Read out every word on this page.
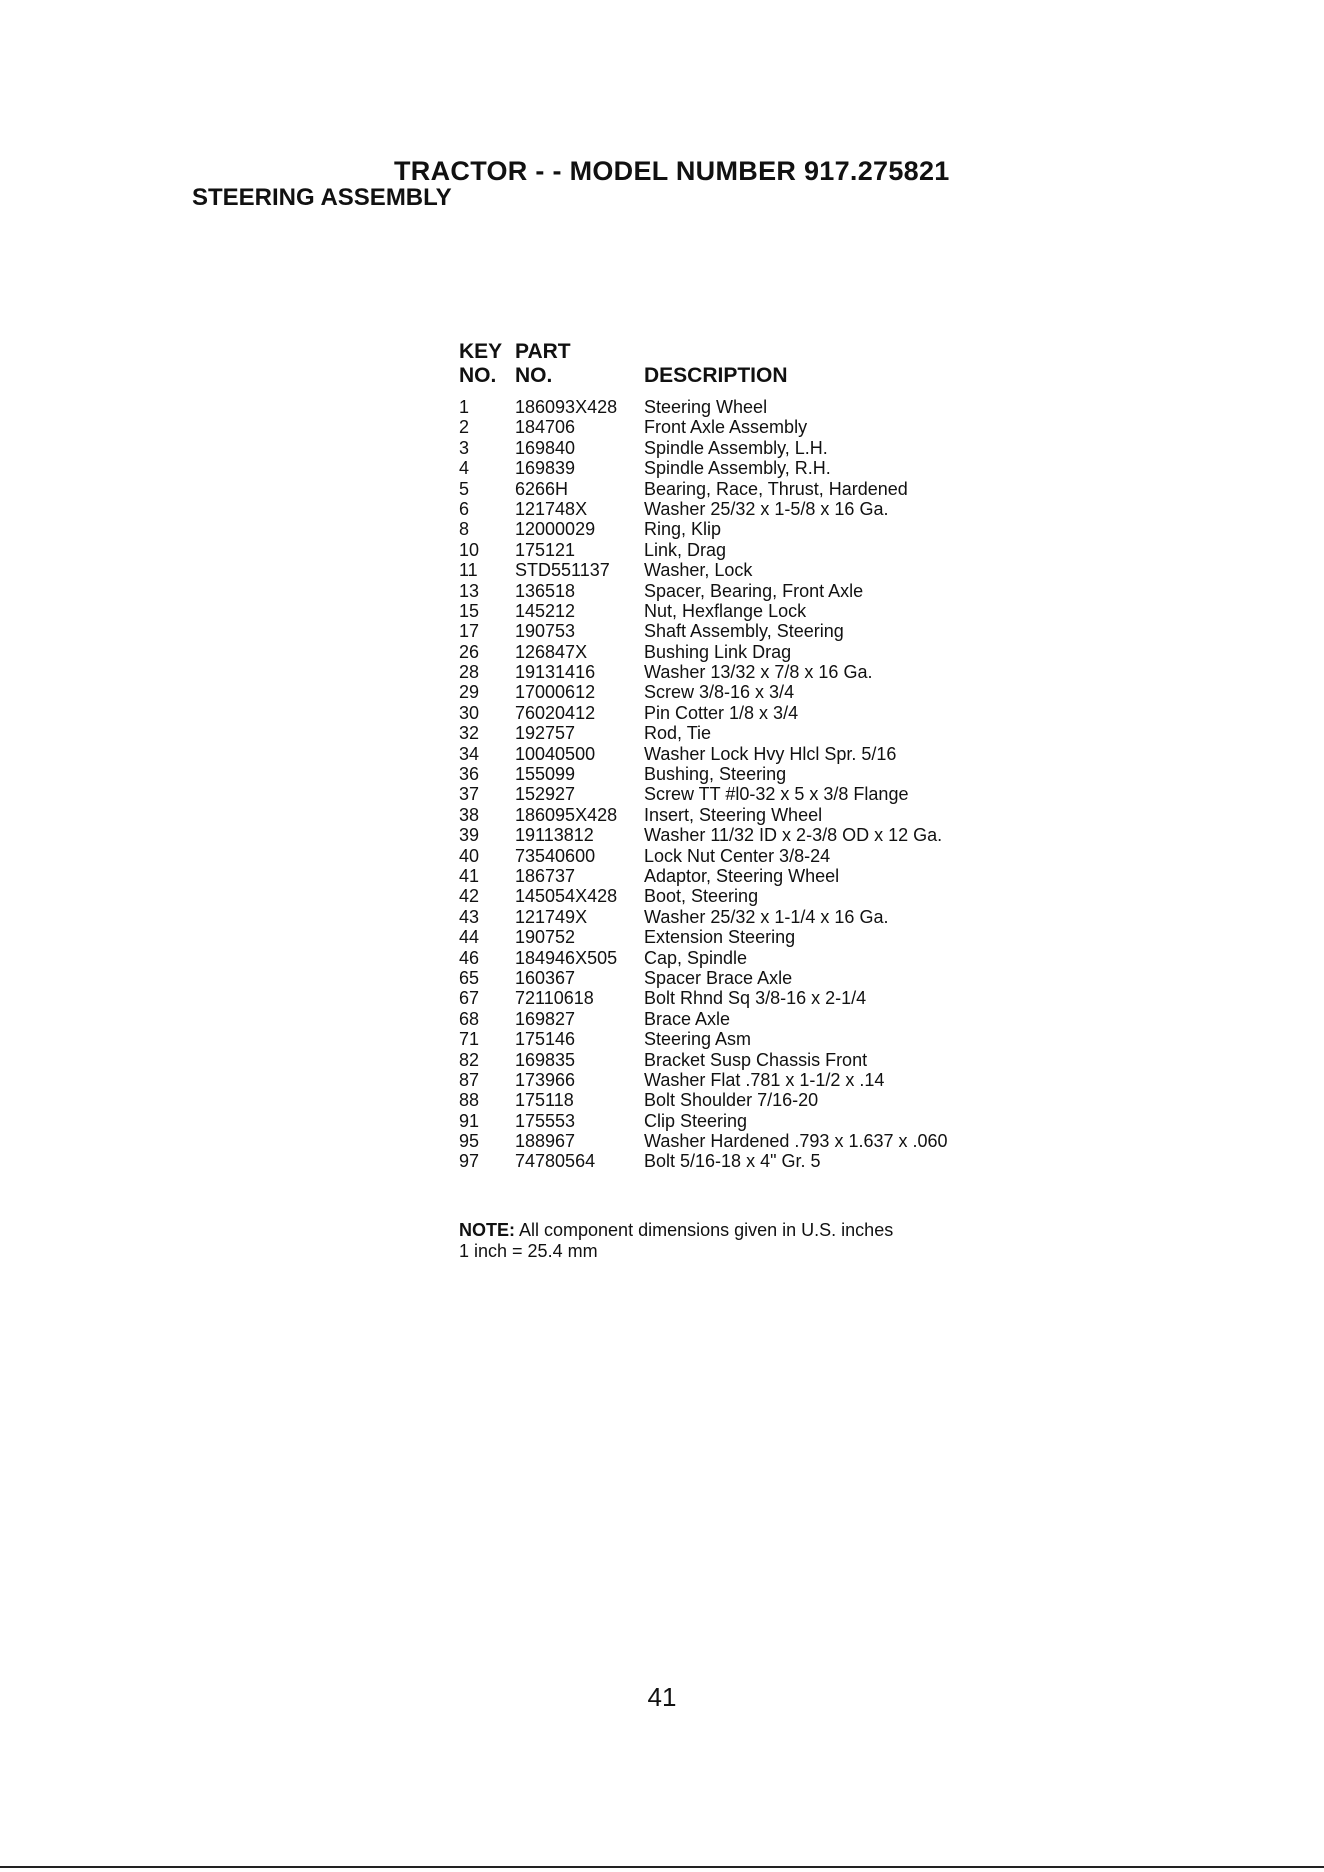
TRACTOR - - MODEL NUMBER 917.275821
STEERING ASSEMBLY
KEY
NO.
PART
NO.	DESCRIPTION
1	186093X428 Steering Wheel
2	184706	Front Axle Assembly
3	169840	Spindle Assembly, L.H.
4	169839	Spindle Assembly, R.H.
5	6266H	Bearing, Race, Thrust, Hardened
6	121748X	Washer 25/32 x 1-5/8 x 16 Ga.
8	12000029	Ring, Klip
10 175121	Link, Drag
11 STD551137 Washer, Lock
13 136518	Spacer, Bearing, Front Axle
15 145212	Nut, Hexflange Lock
17 190753	Shaft Assembly, Steering
26 126847X	Bushing Link Drag
28 19131416	Washer 13/32 x 7/8 x 16 Ga.
29 17000612	Screw 3/8-16 x 3/4
30 76020412	Pin Cotter 1/8 x 3/4
32 192757	Rod, Tie
34 10040500	Washer Lock Hvy Hlcl Spr. 5/16
36 155099	Bushing, Steering
37 152927	Screw TT #l0-32 x 5 x 3/8 Flange
38 186095X428 Insert, Steering Wheel
39 19113812	Washer 11/32 ID x 2-3/8 OD x 12 Ga.
40 73540600	Lock Nut Center 3/8-24
41 186737	Adaptor, Steering Wheel
42 145054X428 Boot, Steering
43 121749X	Washer 25/32 x 1-1/4 x 16 Ga.
44 190752	Extension Steering
46 184946X505 Cap, Spindle
65 160367	Spacer Brace Axle
67 72110618	Bolt Rhnd Sq 3/8-16 x 2-1/4
68 169827	Brace Axle
71 175146	Steering Asm
82 169835	Bracket Susp Chassis Front
87 173966	Washer Flat .781 x 1-1/2 x .14
88 175118	Bolt Shoulder 7/16-20
91 175553	Clip Steering
95 188967	Washer Hardened .793 x 1.637 x .060
97 74780564	Bolt 5/16-18 x 4" Gr. 5
NOTE: All component dimensions given in U.S. inches
1 inch = 25.4 mm
41
